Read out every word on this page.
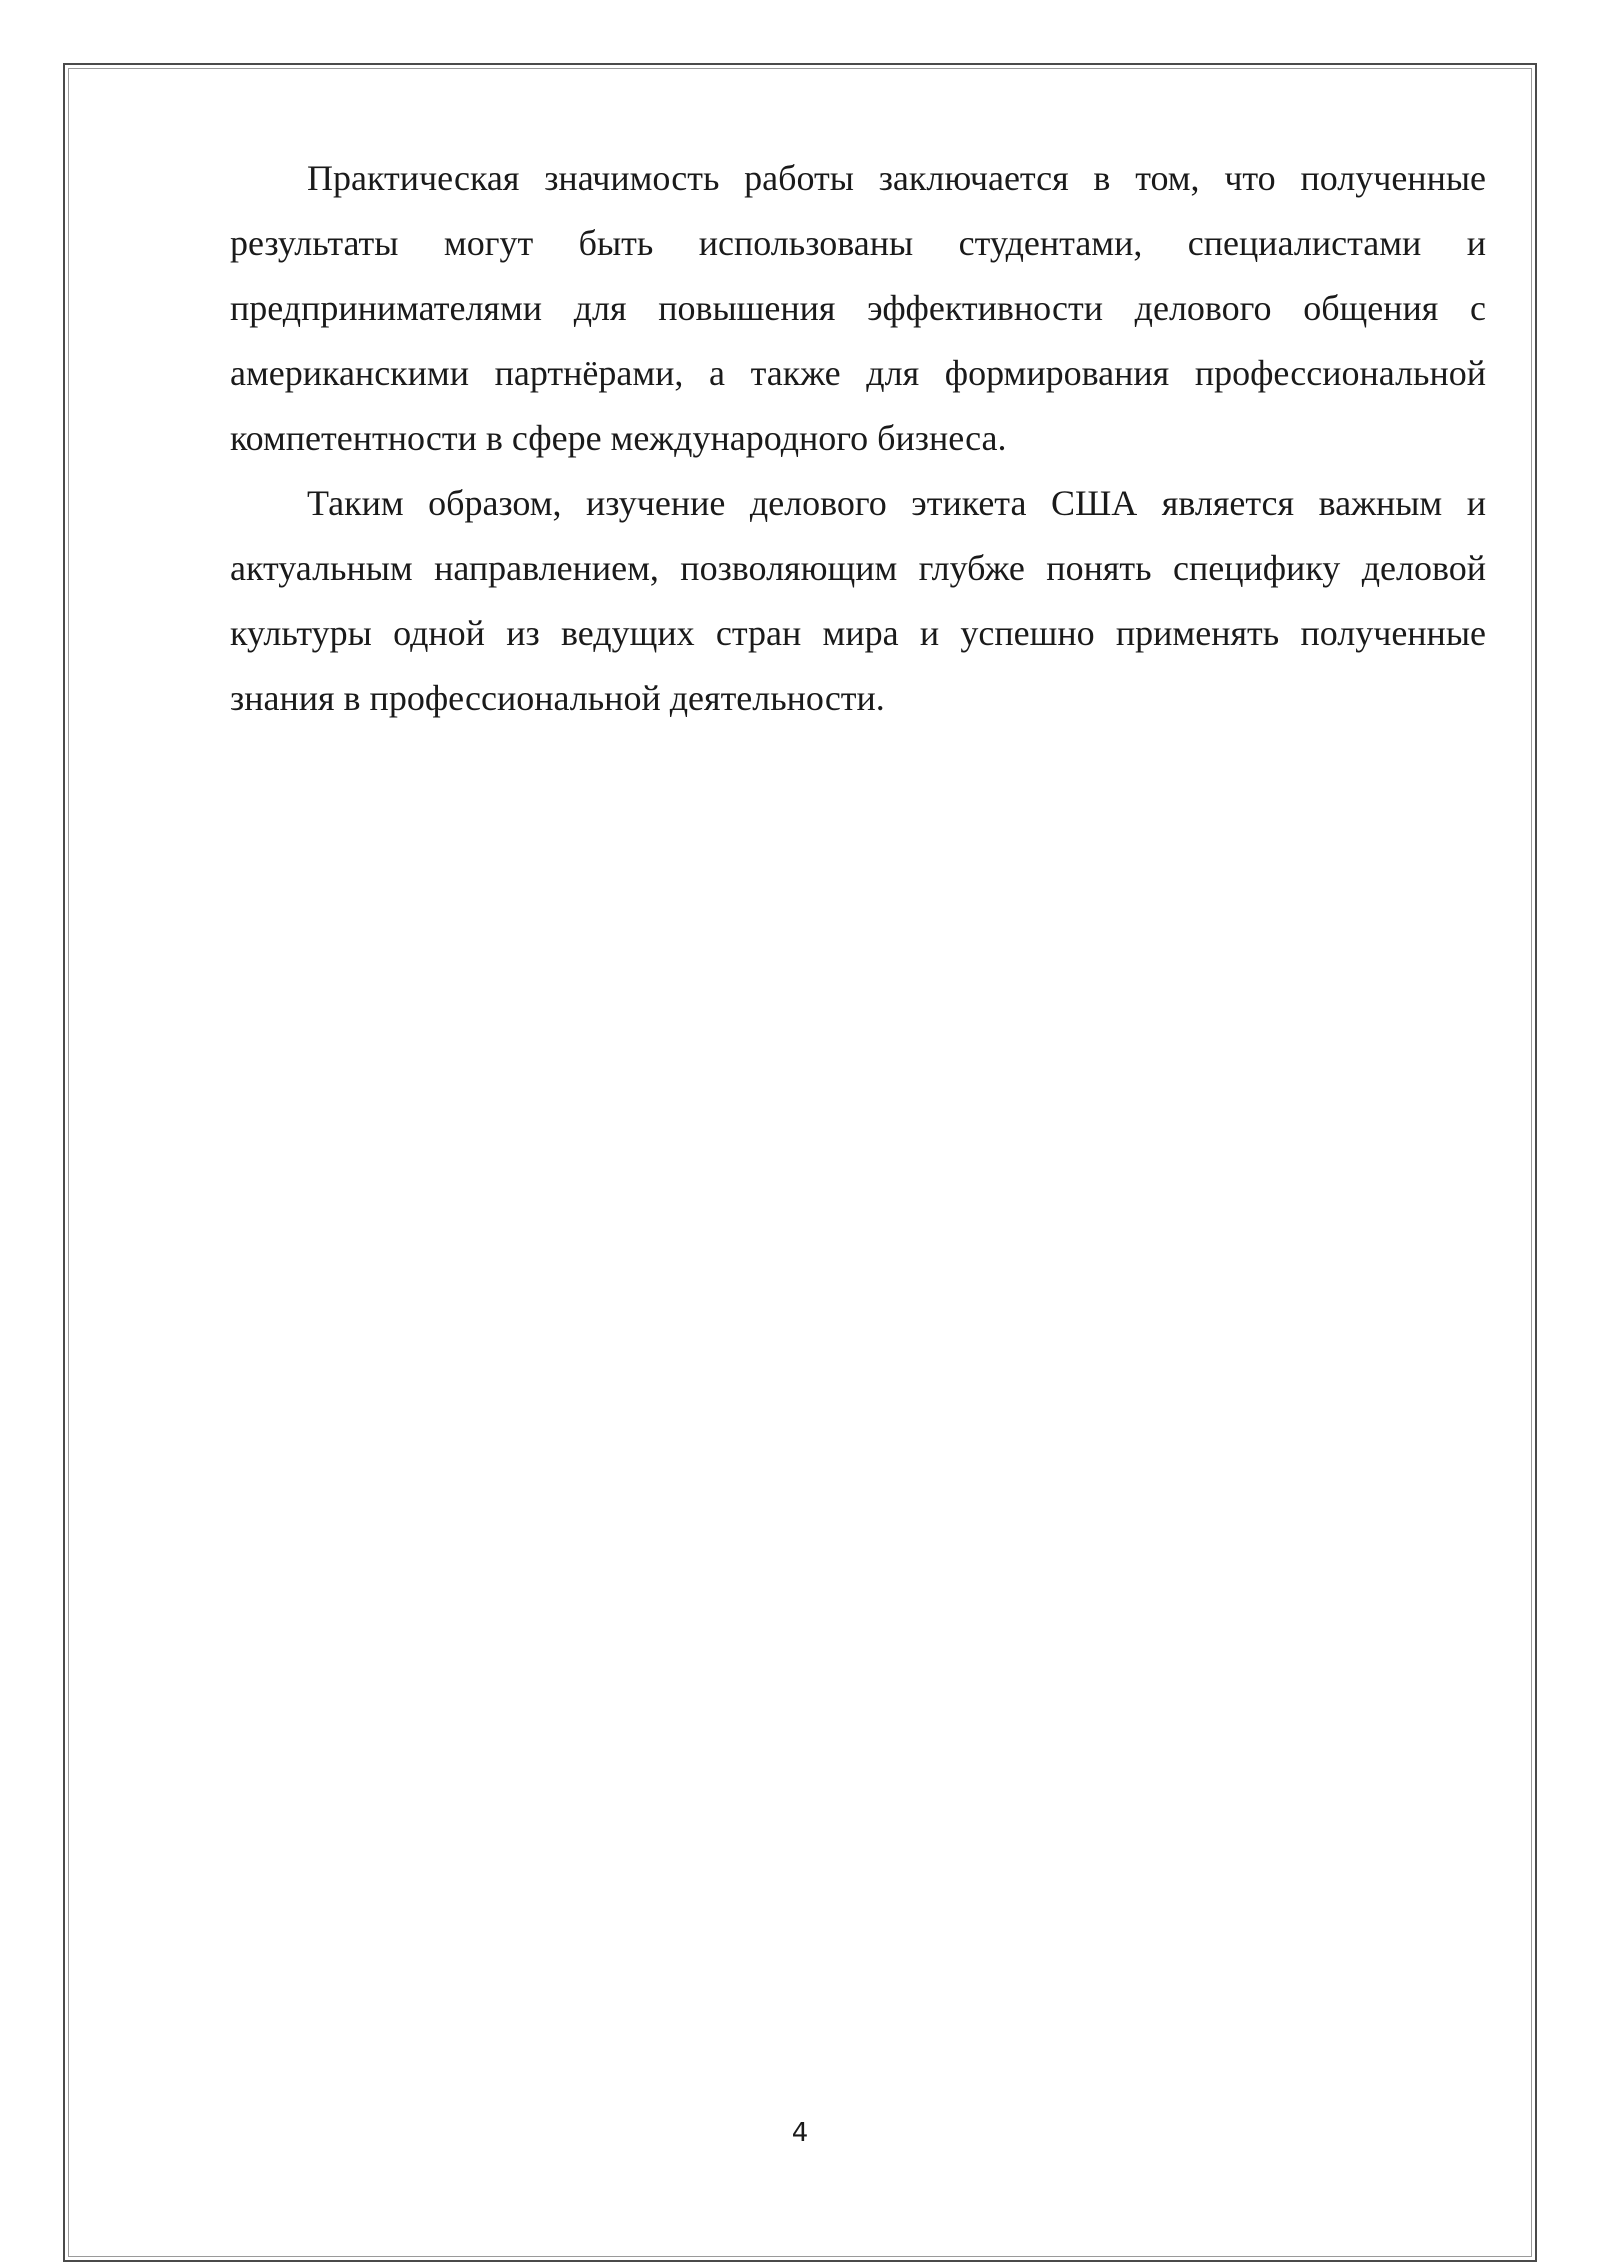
Практическая значимость работы заключается в том, что полученные результаты могут быть использованы студентами, специалистами и предпринимателями для повышения эффективности делового общения с американскими партнёрами, а также для формирования профессиональной компетентности в сфере международного бизнеса.

Таким образом, изучение делового этикета США является важным и актуальным направлением, позволяющим глубже понять специфику деловой культуры одной из ведущих стран мира и успешно применять полученные знания в профессиональной деятельности.

4
